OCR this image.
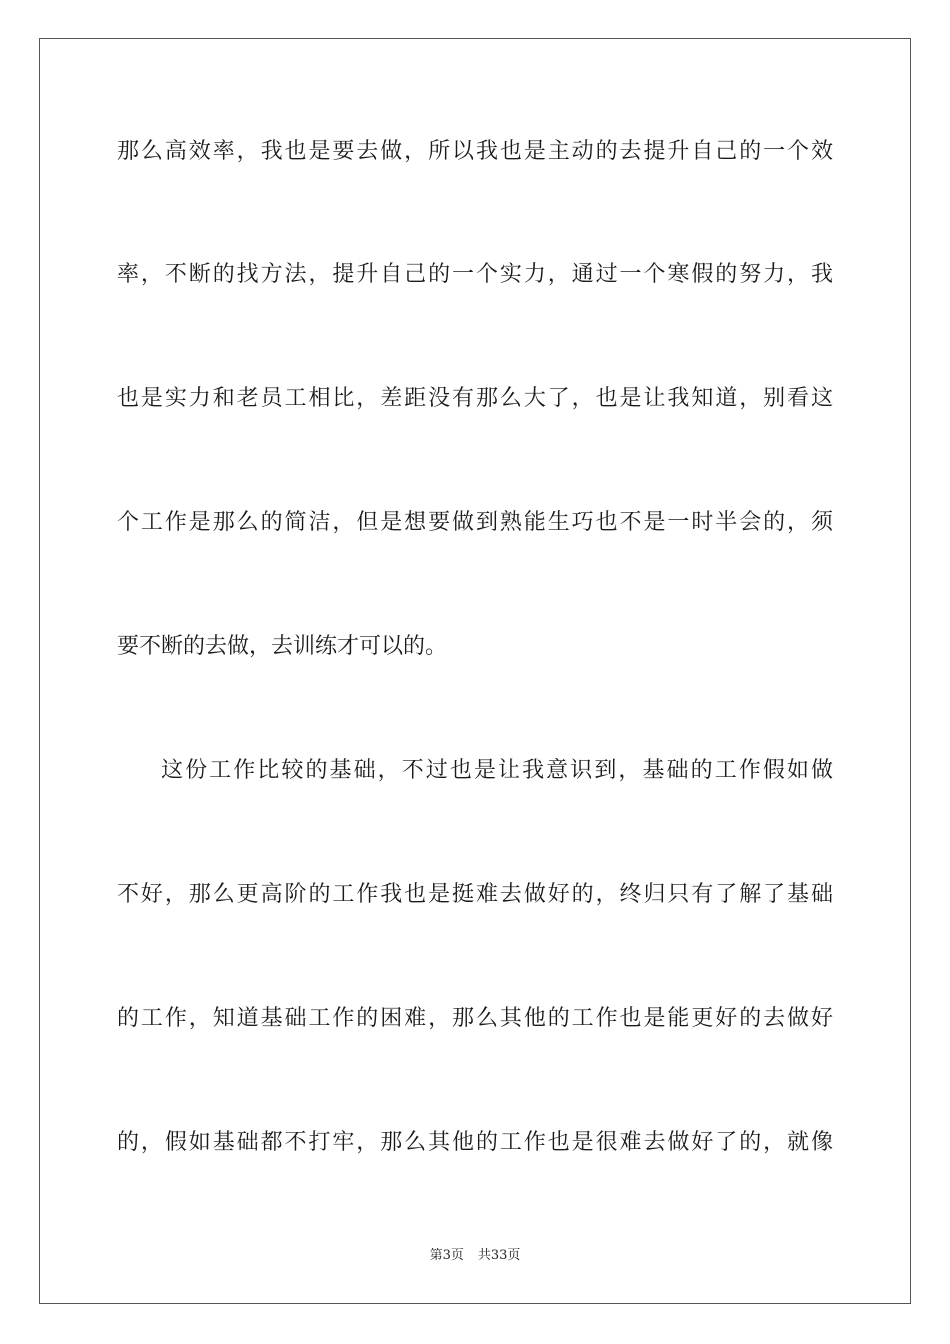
那么高效率，我也是要去做，所以我也是主动的去提升自己的一个效
率，不断的找方法，提升自己的一个实力，通过一个寒假的努力，我
也是实力和老员工相比，差距没有那么大了，也是让我知道，别看这
个工作是那么的简洁，但是想要做到熟能生巧也不是一时半会的，须
要不断的去做，去训练才可以的。
这份工作比较的基础，不过也是让我意识到，基础的工作假如做
不好，那么更高阶的工作我也是挺难去做好的，终归只有了解了基础
的工作，知道基础工作的困难，那么其他的工作也是能更好的去做好
的，假如基础都不打牢，那么其他的工作也是很难去做好了的，就像
第3页 共33页
